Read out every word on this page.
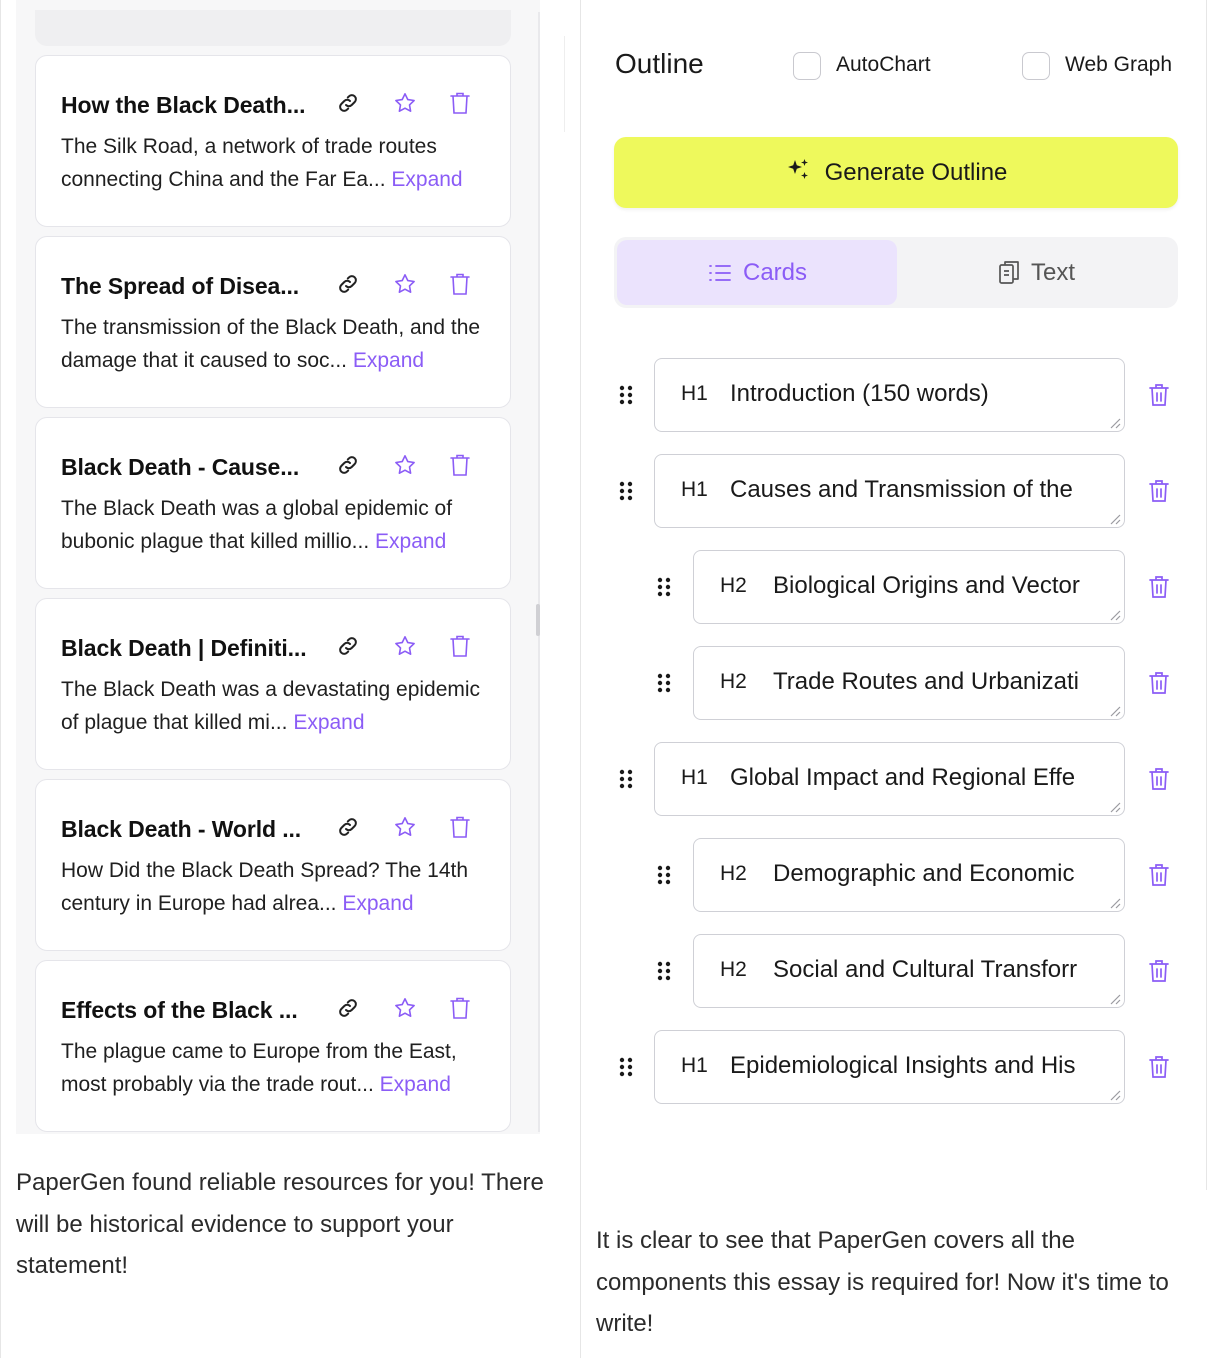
How the Black Death...
The Silk Road, a network of trade routes connecting China and the Far Ea... Expand
The Spread of Disea...
The transmission of the Black Death, and the damage that it caused to soc... Expand
Black Death - Cause...
The Black Death was a global epidemic of bubonic plague that killed millio... Expand
Black Death | Definiti...
The Black Death was a devastating epidemic of plague that killed mi... Expand
Black Death - World ...
How Did the Black Death Spread? The 14th century in Europe had alrea... Expand
Effects of the Black ...
The plague came to Europe from the East, most probably via the trade rout... Expand
PaperGen found reliable resources for you! There will be historical evidence to support your statement!
Outline	AutoChart	Web Graph
Generate Outline
Cards	Text
H1 Introduction (150 words)
H1 Causes and Transmission of the
H2 Biological Origins and Vector
H2 Trade Routes and Urbanizati
H1 Global Impact and Regional Effe
H2 Demographic and Economic
H2 Social and Cultural Transforr
H1 Epidemiological Insights and His
It is clear to see that PaperGen covers all the components this essay is required for! Now it's time to write!
